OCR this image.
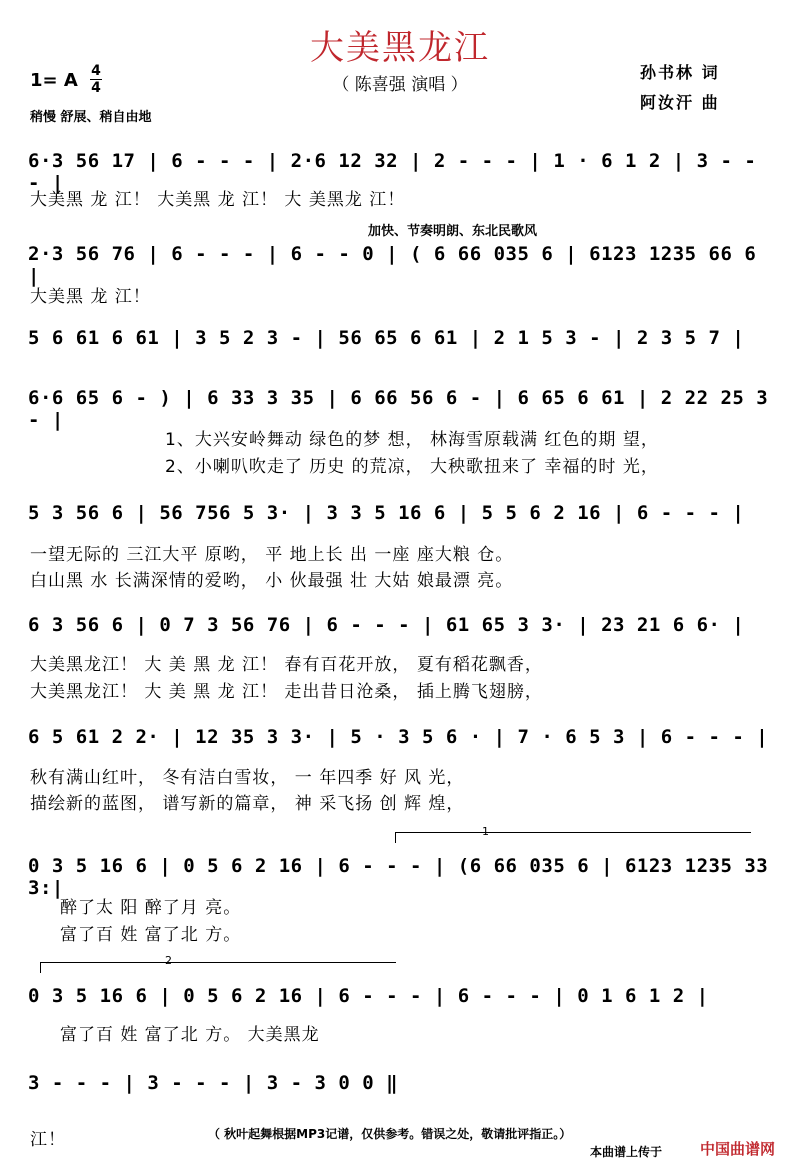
大美黑龙江
（ 陈喜强 演唱 ）
孙书林 词
阿汝汗 曲
1= A 4
4
稍慢 舒展、稍自由地
加快、节奏明朗、东北民歌风
6·3 56 17 | 6 - - - | 2·6 12 32 | 2 - - - | 1 · 6 1 2 | 3 - - - |
大美黑 龙 江！ 大美黑 龙 江！ 大 美黑龙 江！
2·3 56 76 | 6 - - - | 6 - - 0 | ( 6 66 035 6 | 6123 1235 66 6 |
大美黑 龙 江！
5 6 61 6 61 | 3 5 2 3 - | 56 65 6 61 | 2 1 5 3 - | 2 3 5 7 |
6·6 65 6 - ) | 6 33 3 35 | 6 66 56 6 - | 6 65 6 61 | 2 22 25 3 - |
1、大兴安岭舞动 绿色的梦 想， 林海雪原载满 红色的期 望，
2、小喇叭吹走了 历史 的荒凉， 大秧歌扭来了 幸福的时 光，
5 3 56 6 | 56 756 5 3· | 3 3 5 16 6 | 5 5 6 2 16 | 6 - - - |
一望无际的 三江大平 原哟， 平 地上长 出 一座 座大粮 仓。
白山黑 水 长满深情的爱哟， 小 伙最强 壮 大姑 娘最漂 亮。
6 3 56 6 | 0 7 3 56 76 | 6 - - - | 61 65 3 3· | 23 21 6 6· |
大美黑龙江！ 大 美 黑 龙 江！ 春有百花开放， 夏有稻花飘香，
大美黑龙江！ 大 美 黑 龙 江！ 走出昔日沧桑， 插上腾飞翅膀，
6 5 61 2 2· | 12 35 3 3· | 5 · 3 5 6 · | 7 · 6 5 3 | 6 - - - |
秋有满山红叶， 冬有洁白雪妆， 一 年四季 好 风 光，
描绘新的蓝图， 谱写新的篇章， 神 采飞扬 创 辉 煌，
1
0 3 5 16 6 | 0 5 6 2 16 | 6 - - - | (6 66 035 6 | 6123 1235 33 3:|
醉了太 阳 醉了月 亮。
富了百 姓 富了北 方。
2
0 3 5 16 6 | 0 5 6 2 16 | 6 - - - | 6 - - - | 0 1 6 1 2 |
富了百 姓 富了北 方。 大美黑龙
3 - - - | 3 - - - | 3 - 3 0 0 ‖
江！	（ 秋叶起舞根据MP3记谱，仅供参考。错误之处，敬请批评指正。）
本曲谱上传于	中国曲谱网
